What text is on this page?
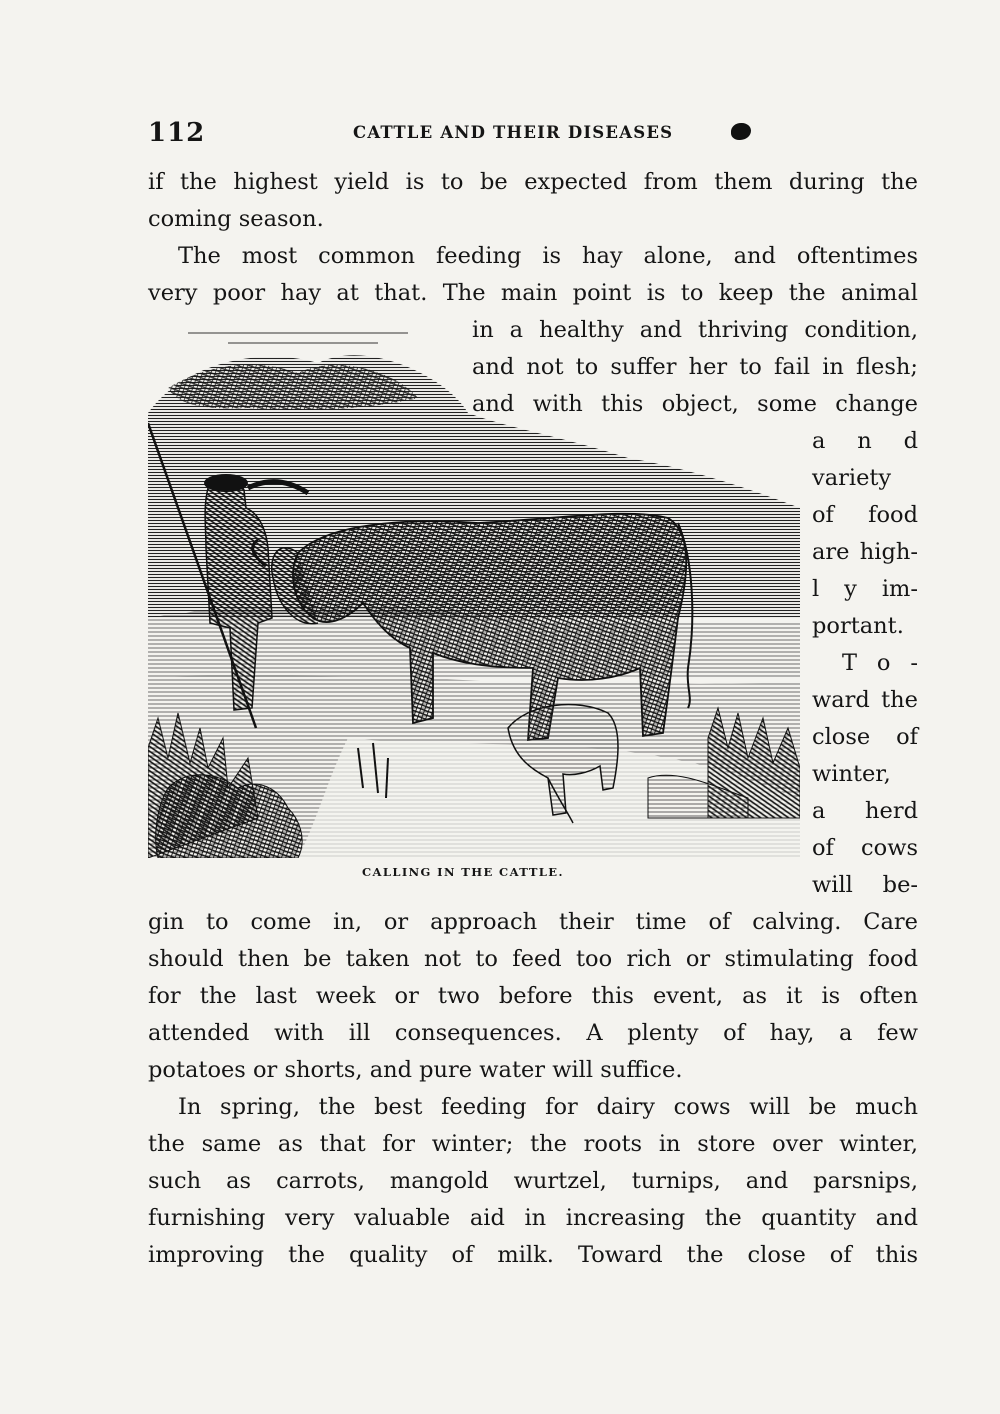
112	CATTLE AND THEIR DISEASES
if the highest yield is to be expected from them during the
coming season.
The most common feeding is hay alone, and oftentimes
very poor hay at that. The main point is to keep the animal
in a healthy and thriving condition,
and not to suffer her to fail in flesh;
and with this object, some change
a n d
variety
of food
are high-
l y im-
portant.
T o -
ward the
close of
winter,
a herd
of cows
will be-
gin to come in, or approach their time of calving. Care
should then be taken not to feed too rich or stimulating food
for the last week or two before this event, as it is often
attended with ill consequences. A plenty of hay, a few
potatoes or shorts, and pure water will suffice.
In spring, the best feeding for dairy cows will be much
the same as that for winter; the roots in store over winter,
such as carrots, mangold wurtzel, turnips, and parsnips,
furnishing very valuable aid in increasing the quantity and
improving the quality of milk. Toward the close of this
CALLING IN THE CATTLE.
